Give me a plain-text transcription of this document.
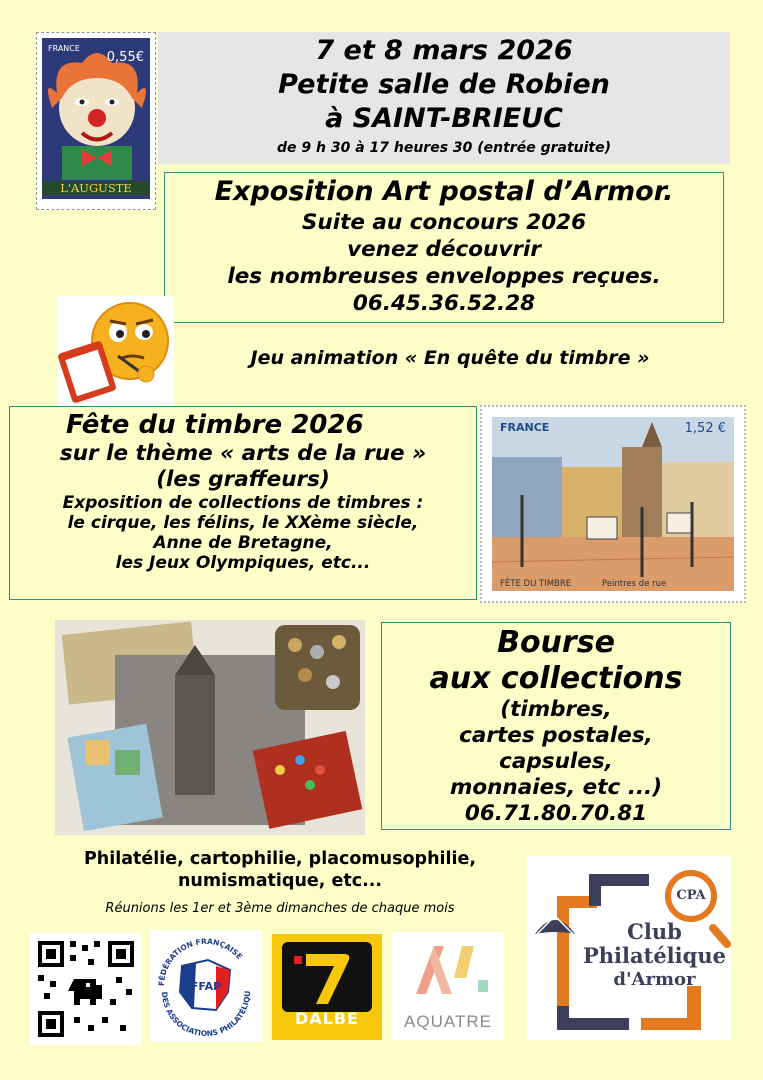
FRANCE
0,55€
L'AUGUSTE
7 et 8 mars 2026
Petite salle de Robien
à SAINT-BRIEUC
de 9 h 30 à 17 heures 30 (entrée gratuite)
Exposition Art postal d’Armor.
Suite au concours 2026
venez découvrir
les nombreuses enveloppes reçues.
06.45.36.52.28
Jeu animation « En quête du timbre »
Fête du timbre 2026
sur le thème « arts de la rue »
(les graffeurs)
Exposition de collections de timbres :
le cirque, les félins, le XXème siècle,
Anne de Bretagne,
les Jeux Olympiques, etc...
FRANCE	1,52 €
FÊTE DU TIMBRE	Peintres de rue
Bourse
aux collections
(timbres,
cartes postales,
capsules,
monnaies, etc ...)
06.71.80.70.81
Philatélie, cartophilie, placomusophilie,
numismatique, etc...
Réunions les 1er et 3ème dimanches de chaque mois
FÉDÉRATION FRANÇAISE
DES ASSOCIATIONS PHILATÉLIQU
FFAP
DALBE	AQUATRE
CPA
Club
Philatélique
d'Armor
